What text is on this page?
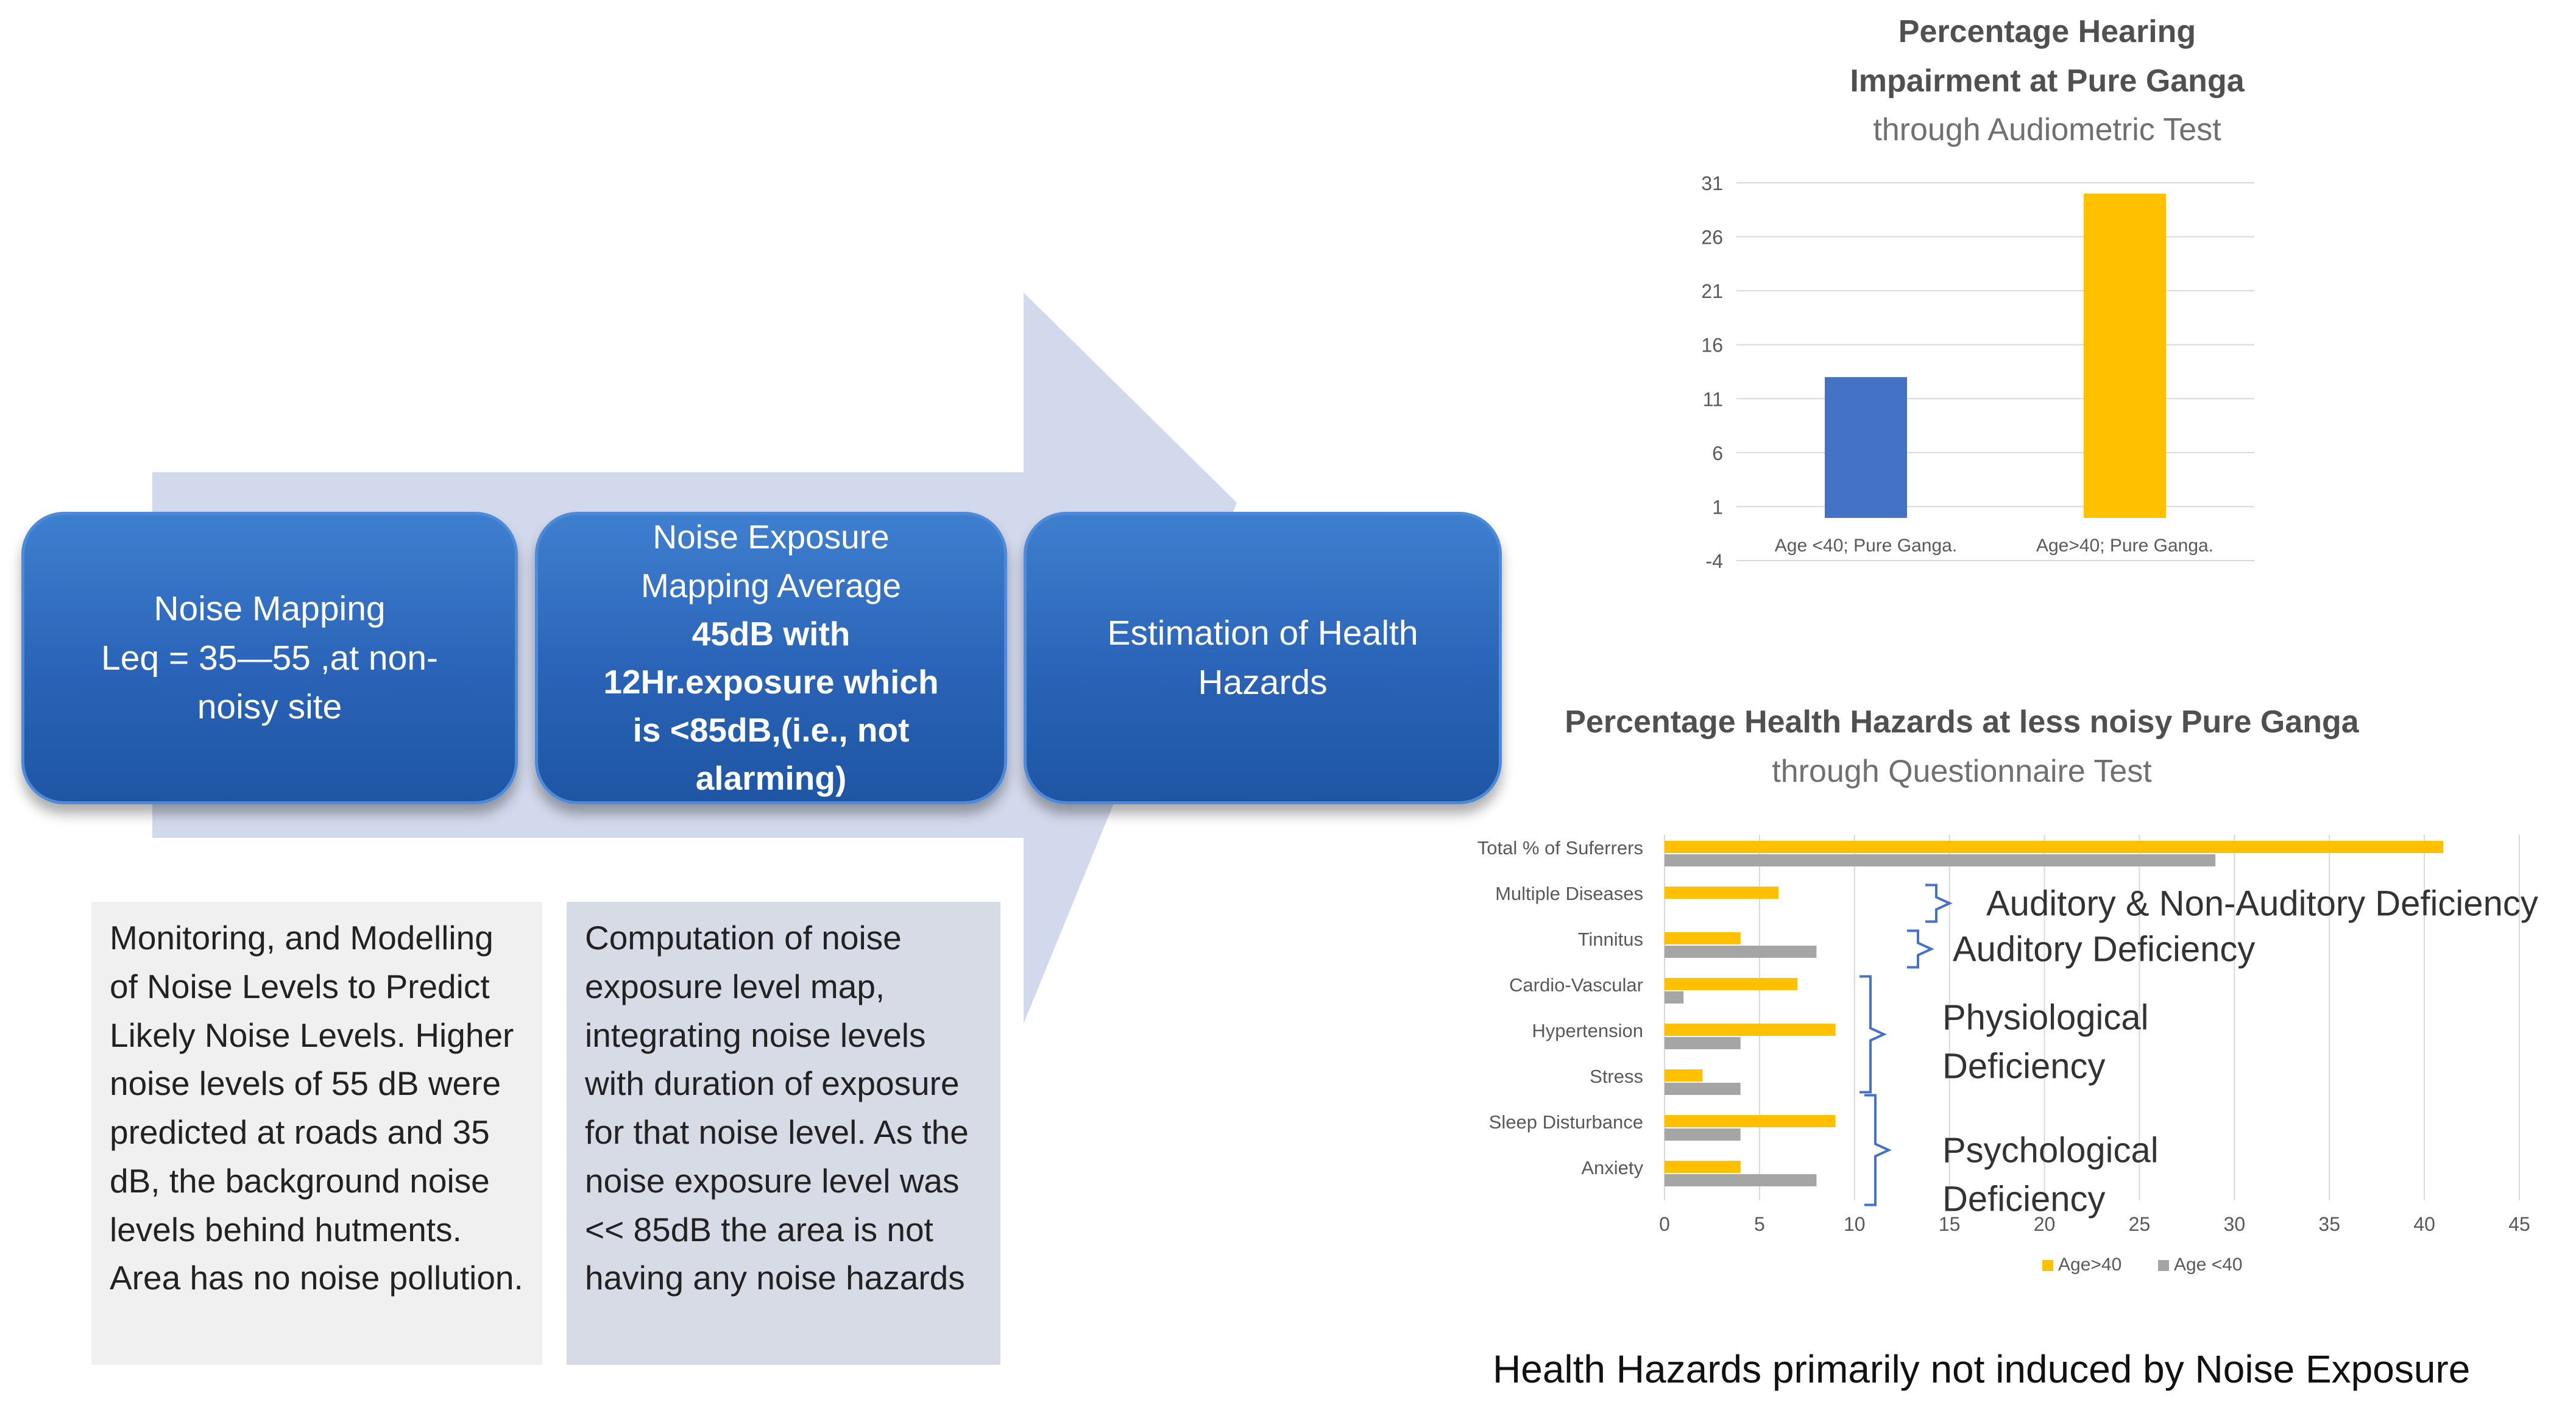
Noise Mapping
Leq = 35—55 ,at non-
noisy site
Noise Exposure
Mapping Average
45dB with
12Hr.exposure which
is <85dB,(i.e., not
alarming)
Estimation of Health
Hazards
Monitoring, and Modelling of Noise Levels to Predict Likely Noise Levels. Higher noise levels of 55 dB were predicted at roads and 35 dB, the background noise levels behind hutments. Area has no noise pollution.
Computation of noise exposure level map, integrating noise levels with duration of exposure for that noise level. As the noise exposure level was << 85dB the area is not having any noise hazards
Percentage Hearing
Impairment at Pure Ganga
through Audiometric Test
31
26
21
16
11
6
1
-4
Age <40; Pure Ganga.	Age>40; Pure Ganga.
Percentage Health Hazards at less noisy Pure Ganga
through Questionnaire Test
0	5	10	15	20	25	30	35	40	45
Total % of Suferrers
Multiple Diseases
Tinnitus
Cardio-Vascular
Hypertension
Stress
Sleep Disturbance
Anxiety
Age>40	Age <40
Auditory & Non-Auditory Deficiency
Auditory Deficiency
Physiological
Deficiency
Psychological
Deficiency
Health Hazards primarily not induced by Noise Exposure
